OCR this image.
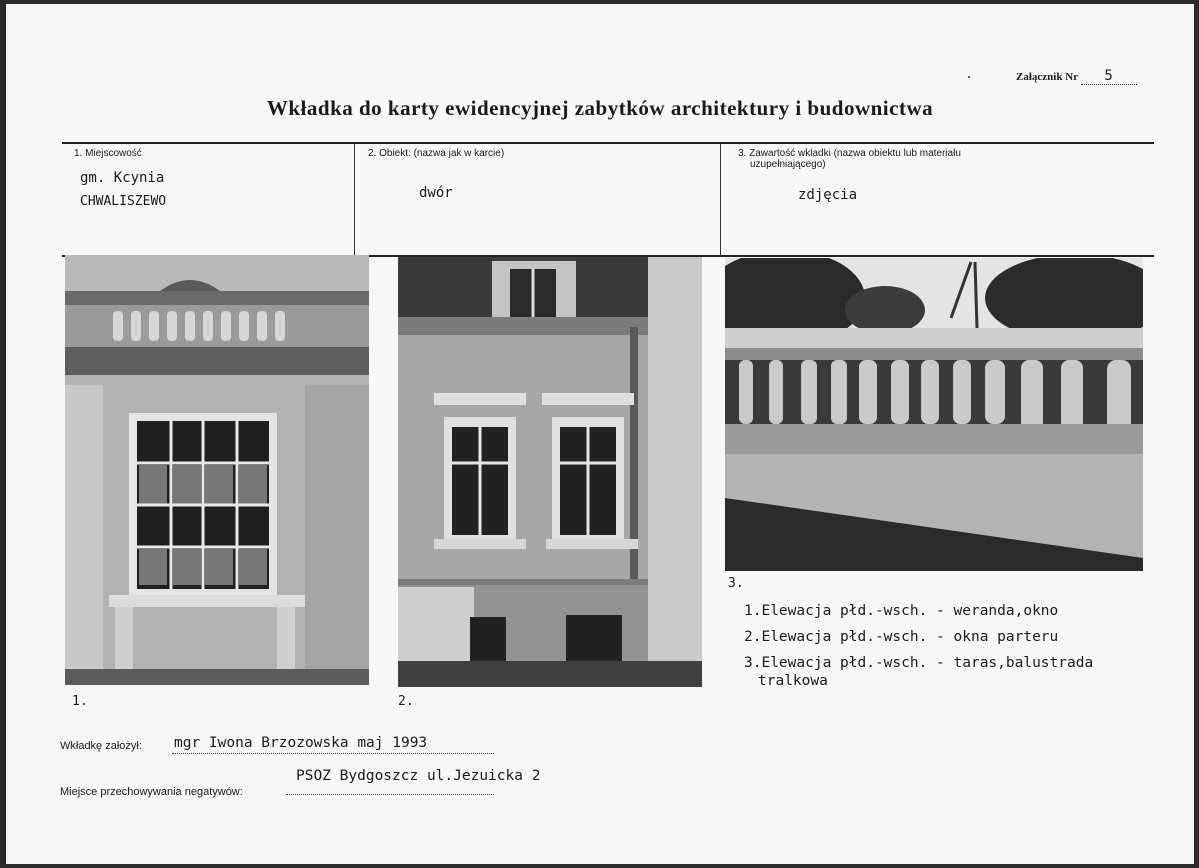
Załącznik Nr 5
Wkładka do karty ewidencyjnej zabytków architektury i budownictwa
1. Miejscowość
gm. Kcynia
CHWALISZEWO
2. Obiekt: (nazwa jak w karcie)
dwór
3. Zawartość wkladki (nazwa obiektu lub materiału
uzupełniającego)
zdjęcia
1.	2.
3.
1.Elewacja płd.-wsch. - weranda,okno
2.Elewacja płd.-wsch. - okna parteru
3.Elewacja płd.-wsch. - taras,balustrada
tralkowa
Wkładkę założył: mgr Iwona Brzozowska maj 1993
Miejsce przechowywania negatywów:
PSOZ Bydgoszcz ul.Jezuicka 2
